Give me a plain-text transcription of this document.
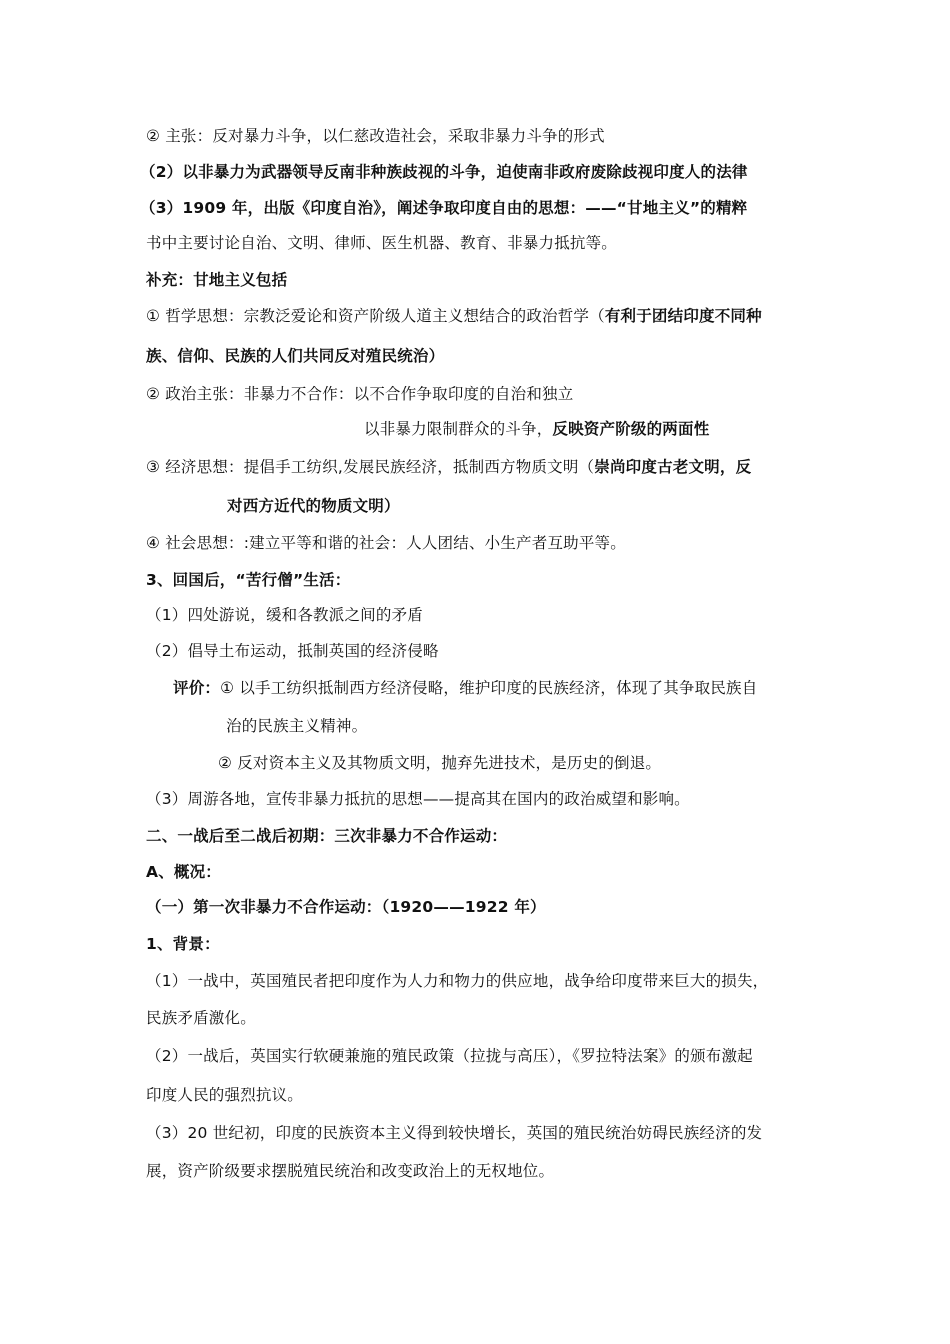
② 主张：反对暴力斗争，以仁慈改造社会，采取非暴力斗争的形式
（2）以非暴力为武器领导反南非种族歧视的斗争，迫使南非政府废除歧视印度人的法律
（3）1909 年，出版《印度自治》，阐述争取印度自由的思想：——“甘地主义”的精粹
书中主要讨论自治、文明、律师、医生机器、教育、非暴力抵抗等。
补充：甘地主义包括
① 哲学思想：宗教泛爱论和资产阶级人道主义想结合的政治哲学（有利于团结印度不同种
族、信仰、民族的人们共同反对殖民统治）
② 政治主张：非暴力不合作：以不合作争取印度的自治和独立
以非暴力限制群众的斗争，反映资产阶级的两面性
③ 经济思想：提倡手工纺织,发展民族经济，抵制西方物质文明（崇尚印度古老文明，反
对西方近代的物质文明）
④ 社会思想：:建立平等和谐的社会：人人团结、小生产者互助平等。
3、回国后，“苦行僧”生活：
（1）四处游说，缓和各教派之间的矛盾
（2）倡导土布运动，抵制英国的经济侵略
评价：① 以手工纺织抵制西方经济侵略，维护印度的民族经济，体现了其争取民族自
治的民族主义精神。
② 反对资本主义及其物质文明，抛弃先进技术，是历史的倒退。
（3）周游各地，宣传非暴力抵抗的思想——提高其在国内的政治威望和影响。
二、一战后至二战后初期：三次非暴力不合作运动：
A、概况：
（一）第一次非暴力不合作运动：（1920——1922 年）
1、背景：
（1）一战中，英国殖民者把印度作为人力和物力的供应地，战争给印度带来巨大的损失，
民族矛盾激化。
（2）一战后，英国实行软硬兼施的殖民政策（拉拢与高压），《罗拉特法案》的颁布激起
印度人民的强烈抗议。
（3）20 世纪初，印度的民族资本主义得到较快增长，英国的殖民统治妨碍民族经济的发
展，资产阶级要求摆脱殖民统治和改变政治上的无权地位。
